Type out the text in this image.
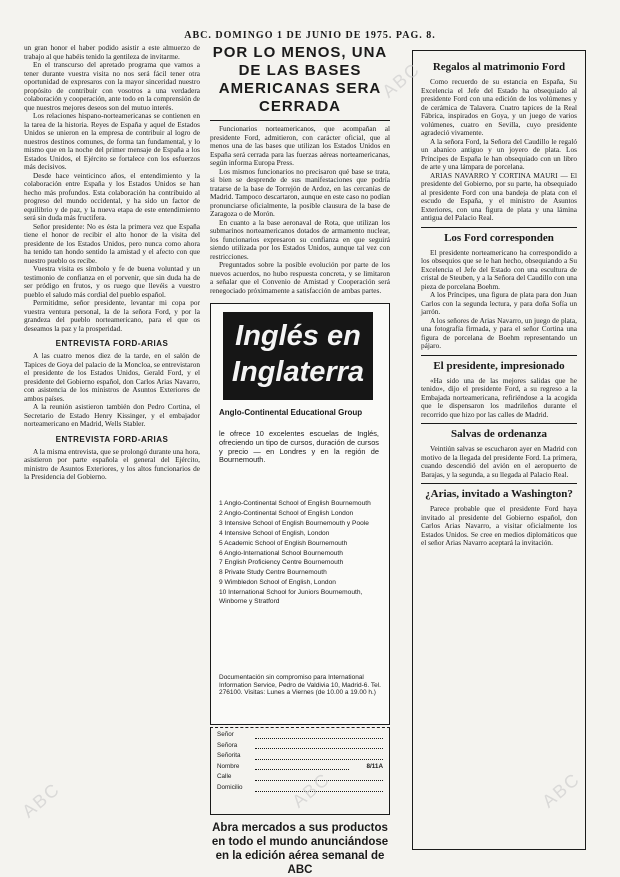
ABC. DOMINGO 1 DE JUNIO DE 1975. PAG. 8.

un gran honor el haber podido asistir a este almuerzo de trabajo al que habéis tenido la gentileza de invitarme.

En el transcurso del apretado programa que vamos a tener durante vuestra visita no nos será fácil tener otra oportunidad de expresaros con la mayor sinceridad nuestro propósito de contribuir con vosotros a una verdadera colaboración y cooperación, ante todo en la comprensión de que nuestros mejores deseos son del mutuo interés.

Los relaciones hispano-norteamericanas se contienen en la tarea de la historia. Reyes de España y aquel de Estados Unidos se unieron en la empresa de contribuir al logro de nuestros destinos comunes, de forma tan fundamental, y lo mismo que en la noche del primer mensaje de España a los Estados Unidos, el Ejército se fortalece con los esfuerzos más decisivos.

Desde hace veinticinco años, el entendimiento y la colaboración entre España y los Estados Unidos se han hecho más profundos. Esta colaboración ha contribuido al progreso del mundo occidental, y ha sido un factor de equilibrio y de paz, y la nueva etapa de este entendimiento será sin duda más fructífera.

Señor presidente: No es ésta la primera vez que España tiene el honor de recibir el alto honor de la visita del presidente de los Estados Unidos, pero nunca como ahora ha tenido tan hondo sentido la amistad y el afecto con que nuestro pueblo os recibe.

Vuestra visita es símbolo y fe de buena voluntad y un testimonio de confianza en el porvenir, que sin duda ha de ser pródigo en frutos, y os ruego que llevéis a vuestro pueblo el saludo más cordial del pueblo español.

Permitidme, señor presidente, levantar mi copa por vuestra ventura personal, la de la señora Ford, y por la grandeza del pueblo norteamericano, para el que os deseamos la paz y la prosperidad.

ENTREVISTA FORD-ARIAS

A las cuatro menos diez de la tarde, en el salón de Tapices de Goya del palacio de la Moncloa, se entrevistaron el presidente de los Estados Unidos, Gerald Ford, y el presidente del Gobierno español, don Carlos Arias Navarro, con asistencia de los ministros de Asuntos Exteriores de ambos países.

A la reunión asistieron también don Pedro Cortina, el Secretario de Estado Henry Kissinger, y el embajador norteamericano en Madrid, Wells Stabler.

ENTREVISTA FORD-ARIAS

A la misma entrevista, que se prolongó durante una hora, asistieron por parte española el general del Ejército, ministro de Asuntos Exteriores, y los altos funcionarios de la Presidencia del Gobierno.

POR LO MENOS, UNA DE LAS BASES AMERICANAS SERA CERRADA

Funcionarios norteamericanos, que acompañan al presidente Ford, admitieron, con carácter oficial, que al menos una de las bases que utilizan los Estados Unidos en España será cerrada para las fuerzas aéreas norteamericanas, según informa Europa Press.

Los mismos funcionarios no precisaron qué base se trata, si bien se desprende de sus manifestaciones que podría tratarse de la base de Torrejón de Ardoz, en las cercanías de Madrid. Tampoco descartaron, aunque en este caso no podían pronunciarse oficialmente, la posible clausura de la base de Zaragoza o de Morón.

En cuanto a la base aeronaval de Rota, que utilizan los submarinos norteamericanos dotados de armamento nuclear, los funcionarios expresaron su confianza en que seguirá siendo utilizada por los Estados Unidos, aunque tal vez con restricciones.

Preguntados sobre la posible evolución por parte de los nuevos acuerdos, no hubo respuesta concreta, y se limitaron a señalar que el Convenio de Amistad y Cooperación será renegociado próximamente a satisfacción de ambas partes.

Inglés en Inglaterra
Anglo-Continental Educational Group
le ofrece 10 excelentes escuelas de Inglés, ofreciendo un tipo de cursos, duración de cursos y precio — en Londres y en la región de Bournemouth.
1 Anglo-Continental School of English Bournemouth
2 Anglo-Continental School of English London
3 Intensive School of English Bournemouth y Poole
4 Intensive School of English, London
5 Academic School of English Bournemouth
6 Anglo-International School Bournemouth
7 English Proficiency Centre Bournemouth
8 Private Study Centre Bournemouth
9 Wimbledon School of English, London
10 International School for Juniors Bournemouth, Winborne y Stratford
Documentación sin compromiso para International Information Service, Pedro de Valdivia 10, Madrid-6. Tel. 276100. Visitas: Lunes a Viernes (de 10.00 a 19.00 h.)
Señor
Señora
Señorita
Nombre	8/11A
Calle
Domicilio
Abra mercados a sus productos en todo el mundo anunciándose en la edición aérea semanal de ABC
Regalos al matrimonio Ford

Como recuerdo de su estancia en España, Su Excelencia el Jefe del Estado ha obsequiado al presidente Ford con una edición de los volúmenes y de cerámica de Talavera. Cuatro tapices de la Real Fábrica, inspirados en Goya, y un juego de varios volúmenes, cuatro en Sevilla, cuyo presidente agradeció vivamente.

A la señora Ford, la Señora del Caudillo le regaló un abanico antiguo y un joyero de plata. Los Príncipes de España le han obsequiado con un libro de arte y una lámpara de porcelana.

ARIAS NAVARRO Y CORTINA MAURI — El presidente del Gobierno, por su parte, ha obsequiado al presidente Ford con una bandeja de plata con el escudo de España, y el ministro de Asuntos Exteriores, con una figura de plata y una lámina antigua del Palacio Real.

Los Ford corresponden

El presidente norteamericano ha correspondido a los obsequios que se le han hecho, obsequiando a Su Excelencia el Jefe del Estado con una escultura de cristal de Steuben, y a la Señora del Caudillo con una pieza de porcelana Boehm.

A los Príncipes, una figura de plata para don Juan Carlos con la segunda lectura, y para doña Sofía un jarrón.

A los señores de Arias Navarro, un juego de plata, una fotografía firmada, y para el señor Cortina una figura de porcelana de Boehm representando un pájaro.

El presidente, impresionado

«Ha sido una de las mejores salidas que he tenido», dijo el presidente Ford, a su regreso a la Embajada norteamericana, refiriéndose a la acogida que le dispensaron los madrileños durante el recorrido que hizo por las calles de Madrid.

Salvas de ordenanza

Veintiún salvas se escucharon ayer en Madrid con motivo de la llegada del presidente Ford. La primera, cuando descendió del avión en el aeropuerto de Barajas, y la segunda, a su llegada al Palacio Real.

¿Arias, invitado a Washington?

Parece probable que el presidente Ford haya invitado al presidente del Gobierno español, don Carlos Arias Navarro, a visitar oficialmente los Estados Unidos. Se cree en medios diplomáticos que el señor Arias Navarro aceptará la invitación.

ABC
ABC	ABC	ABC
